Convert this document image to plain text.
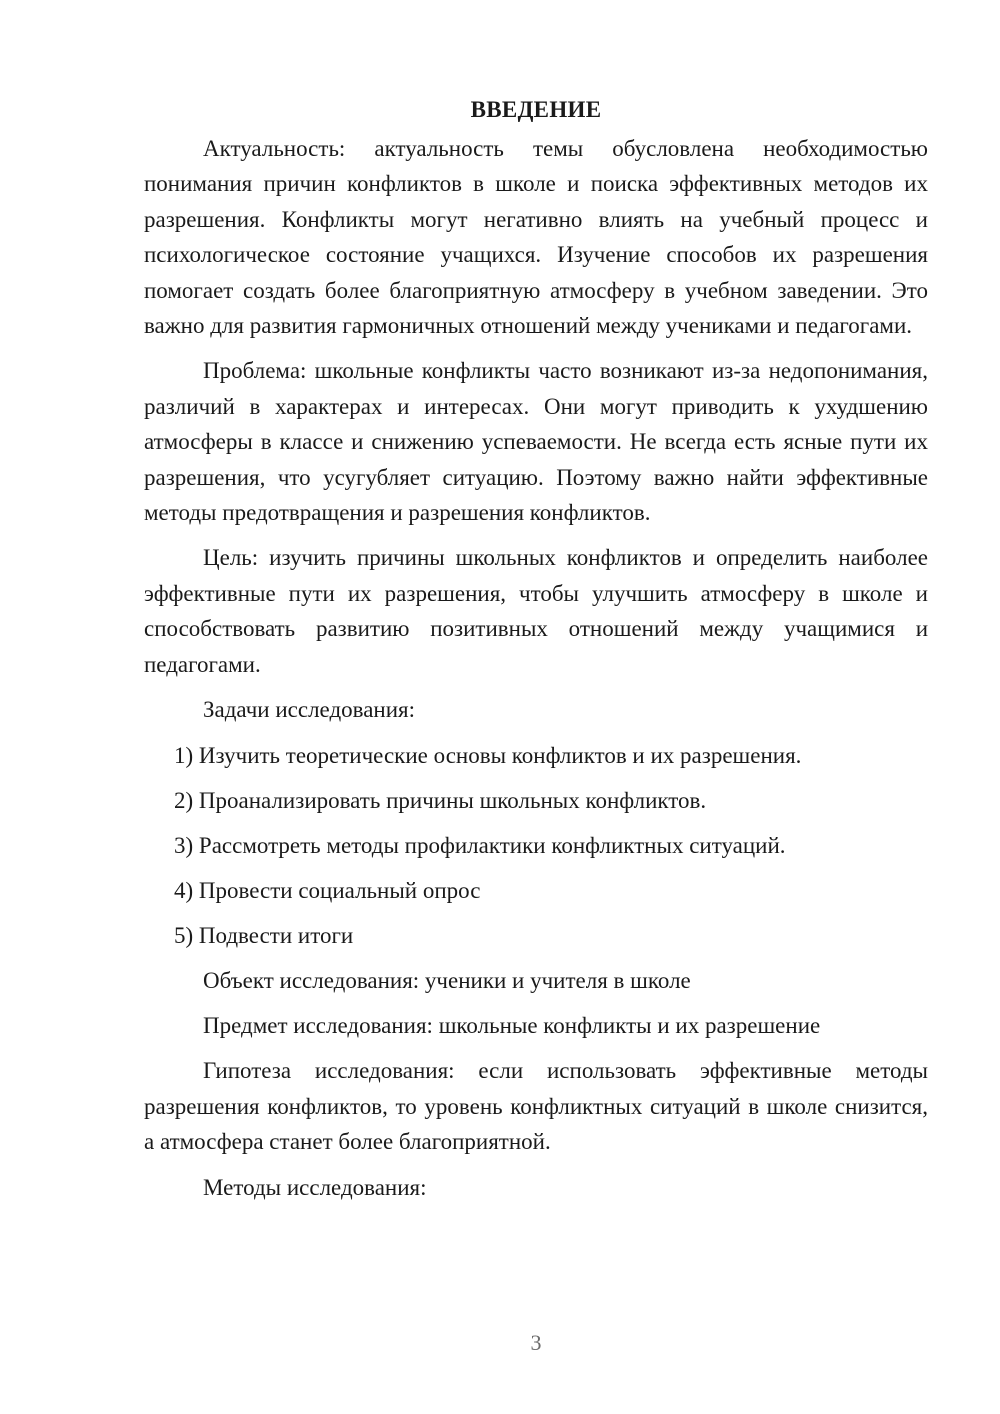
ВВЕДЕНИЕ

Актуальность: актуальность темы обусловлена необходимостью понимания причин конфликтов в школе и поиска эффективных методов их разрешения. Конфликты могут негативно влиять на учебный процесс и психологическое состояние учащихся. Изучение способов их разрешения помогает создать более благоприятную атмосферу в учебном заведении. Это важно для развития гармоничных отношений между учениками и педагогами.

Проблема: школьные конфликты часто возникают из-за недопонимания, различий в характерах и интересах. Они могут приводить к ухудшению атмосферы в классе и снижению успеваемости. Не всегда есть ясные пути их разрешения, что усугубляет ситуацию. Поэтому важно найти эффективные методы предотвращения и разрешения конфликтов.

Цель: изучить причины школьных конфликтов и определить наиболее эффективные пути их разрешения, чтобы улучшить атмосферу в школе и способствовать развитию позитивных отношений между учащимися и педагогами.

Задачи исследования:

1) Изучить теоретические основы конфликтов и их разрешения.
2) Проанализировать причины школьных конфликтов.
3) Рассмотреть методы профилактики конфликтных ситуаций.
4) Провести социальный опрос
5) Подвести итоги

Объект исследования: ученики и учителя в школе

Предмет исследования: школьные конфликты и их разрешение

Гипотеза исследования: если использовать эффективные методы разрешения конфликтов, то уровень конфликтных ситуаций в школе снизится, а атмосфера станет более благоприятной.

Методы исследования:

3
